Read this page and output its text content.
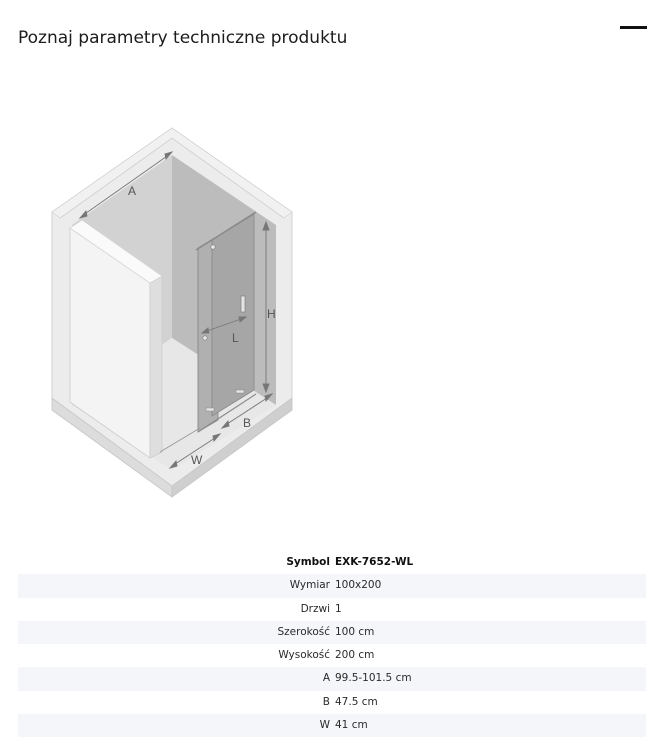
Poznaj parametry techniczne produktu
A
H
L
B
W
Symbol EXK-7652-WL
Wymiar 100x200
Drzwi 1
Szerokość 100 cm
Wysokość 200 cm
A 99.5-101.5 cm
B 47.5 cm
W 41 cm
